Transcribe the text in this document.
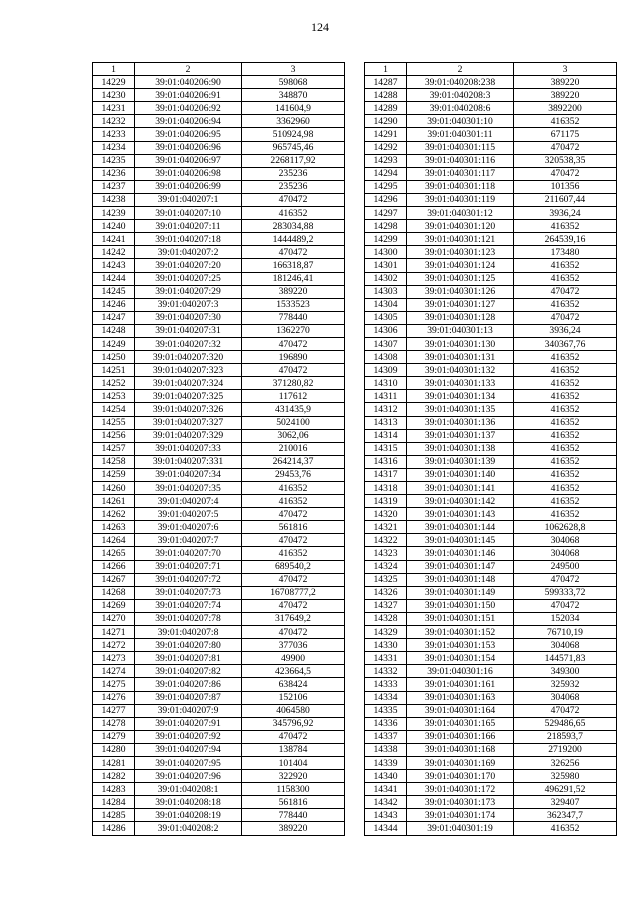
124
1	2	3
14229	39:01:040206:90	598068
14230	39:01:040206:91	348870
14231	39:01:040206:92	141604,9
14232	39:01:040206:94	3362960
14233	39:01:040206:95	510924,98
14234	39:01:040206:96	965745,46
14235	39:01:040206:97	2268117,92
14236	39:01:040206:98	235236
14237	39:01:040206:99	235236
14238	39:01:040207:1	470472
14239	39:01:040207:10	416352
14240	39:01:040207:11	283034,88
14241	39:01:040207:18	1444489,2
14242	39:01:040207:2	470472
14243	39:01:040207:20	166318,87
14244	39:01:040207:25	181246,41
14245	39:01:040207:29	389220
14246	39:01:040207:3	1533523
14247	39:01:040207:30	778440
14248	39:01:040207:31	1362270
14249	39:01:040207:32	470472
14250	39:01:040207:320	196890
14251	39:01:040207:323	470472
14252	39:01:040207:324	371280,82
14253	39:01:040207:325	117612
14254	39:01:040207:326	431435,9
14255	39:01:040207:327	5024100
14256	39:01:040207:329	3062,06
14257	39:01:040207:33	210016
14258	39:01:040207:331	264214,37
14259	39:01:040207:34	29453,76
14260	39:01:040207:35	416352
14261	39:01:040207:4	416352
14262	39:01:040207:5	470472
14263	39:01:040207:6	561816
14264	39:01:040207:7	470472
14265	39:01:040207:70	416352
14266	39:01:040207:71	689540,2
14267	39:01:040207:72	470472
14268	39:01:040207:73	16708777,2
14269	39:01:040207:74	470472
14270	39:01:040207:78	317649,2
14271	39:01:040207:8	470472
14272	39:01:040207:80	377036
14273	39:01:040207:81	49900
14274	39:01:040207:82	423664,5
14275	39:01:040207:86	638424
14276	39:01:040207:87	152106
14277	39:01:040207:9	4064580
14278	39:01:040207:91	345796,92
14279	39:01:040207:92	470472
14280	39:01:040207:94	138784
14281	39:01:040207:95	101404
14282	39:01:040207:96	322920
14283	39:01:040208:1	1158300
14284	39:01:040208:18	561816
14285	39:01:040208:19	778440
14286	39:01:040208:2	389220
1	2	3
14287	39:01:040208:238	389220
14288	39:01:040208:3	389220
14289	39:01:040208:6	3892200
14290	39:01:040301:10	416352
14291	39:01:040301:11	671175
14292	39:01:040301:115	470472
14293	39:01:040301:116	320538,35
14294	39:01:040301:117	470472
14295	39:01:040301:118	101356
14296	39:01:040301:119	211607,44
14297	39:01:040301:12	3936,24
14298	39:01:040301:120	416352
14299	39:01:040301:121	264539,16
14300	39:01:040301:123	173480
14301	39:01:040301:124	416352
14302	39:01:040301:125	416352
14303	39:01:040301:126	470472
14304	39:01:040301:127	416352
14305	39:01:040301:128	470472
14306	39:01:040301:13	3936,24
14307	39:01:040301:130	340367,76
14308	39:01:040301:131	416352
14309	39:01:040301:132	416352
14310	39:01:040301:133	416352
14311	39:01:040301:134	416352
14312	39:01:040301:135	416352
14313	39:01:040301:136	416352
14314	39:01:040301:137	416352
14315	39:01:040301:138	416352
14316	39:01:040301:139	416352
14317	39:01:040301:140	416352
14318	39:01:040301:141	416352
14319	39:01:040301:142	416352
14320	39:01:040301:143	416352
14321	39:01:040301:144	1062628,8
14322	39:01:040301:145	304068
14323	39:01:040301:146	304068
14324	39:01:040301:147	249500
14325	39:01:040301:148	470472
14326	39:01:040301:149	599333,72
14327	39:01:040301:150	470472
14328	39:01:040301:151	152034
14329	39:01:040301:152	76710,19
14330	39:01:040301:153	304068
14331	39:01:040301:154	144571,83
14332	39:01:040301:16	349300
14333	39:01:040301:161	325932
14334	39:01:040301:163	304068
14335	39:01:040301:164	470472
14336	39:01:040301:165	529486,65
14337	39:01:040301:166	218593,7
14338	39:01:040301:168	2719200
14339	39:01:040301:169	326256
14340	39:01:040301:170	325980
14341	39:01:040301:172	496291,52
14342	39:01:040301:173	329407
14343	39:01:040301:174	362347,7
14344	39:01:040301:19	416352
